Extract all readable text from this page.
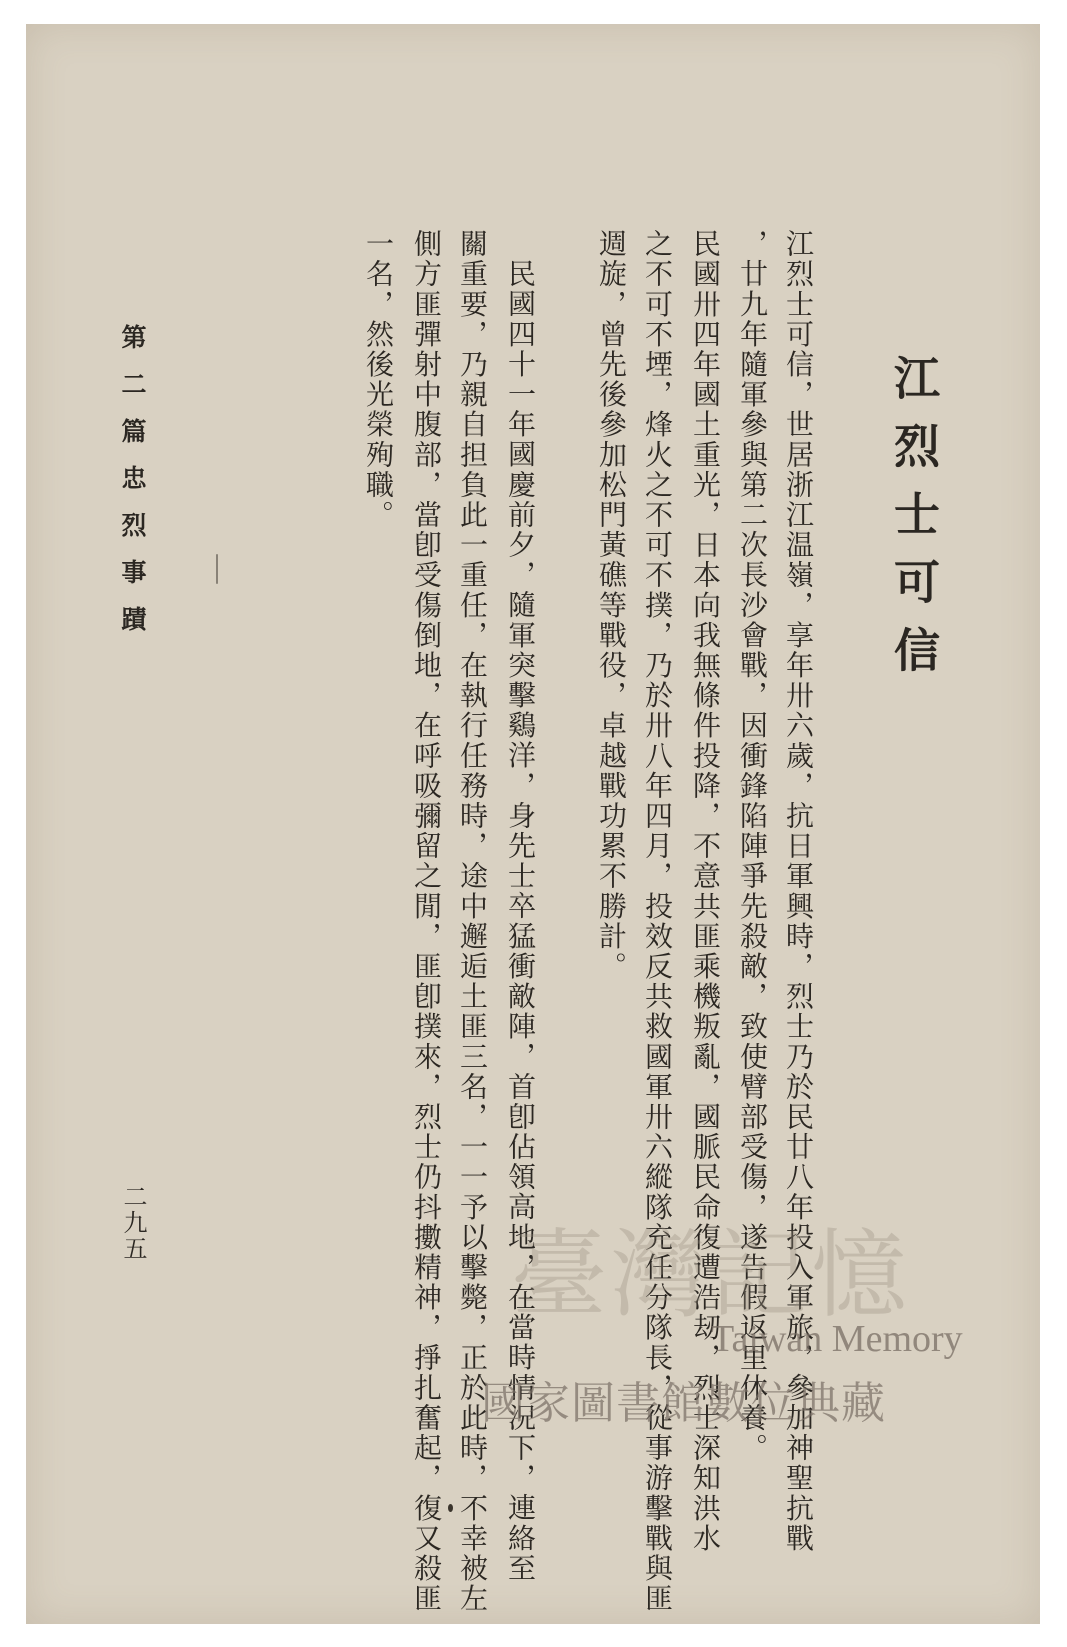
江烈士可信
江烈士可信，世居浙江温嶺，享年卅六歲，抗日軍興時，烈士乃於民廿八年投入軍旅，參加神聖抗戰
，廿九年隨軍參與第二次長沙會戰，因衝鋒陷陣爭先殺敵，致使臂部受傷，遂告假返里休養。
民國卅四年國土重光，日本向我無條件投降，不意共匪乘機叛亂，國脈民命復遭浩刼，烈士深知洪水
之不可不堙，烽火之不可不撲，乃於卅八年四月，投效反共救國軍卅六縱隊充任分隊長，從事游擊戰與匪
週旋，曾先後參加松門黃礁等戰役，卓越戰功累不勝計。
民國四十一年國慶前夕，隨軍突擊鷄洋，身先士卒猛衝敵陣，首卽佔領高地，在當時情況下，連絡至
關重要，乃親自担負此一重任，在執行任務時，途中邂逅土匪三名，一一予以擊斃，正於此時，不幸被左
側方匪彈射中腹部，當卽受傷倒地，在呼吸彌留之閒，匪卽撲來，烈士仍抖擻精神，掙扎奮起，復又殺匪
一名，然後光榮殉職。
第二篇忠烈事蹟
二九五	臺灣記憶
Taiwan Memory
國家圖書館數位典藏
